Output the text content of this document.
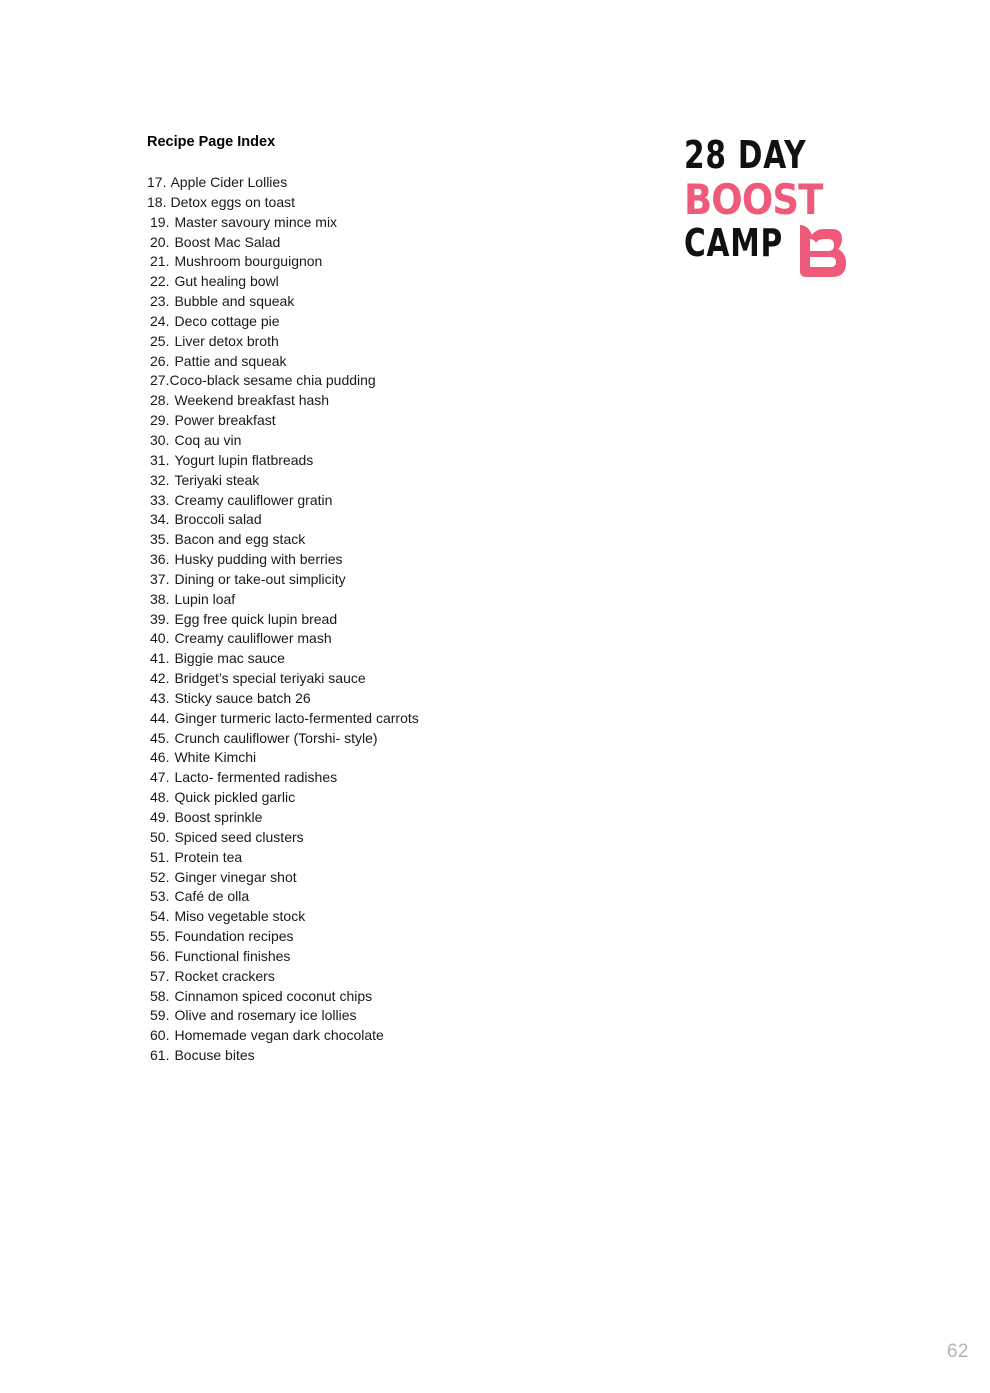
Recipe Page Index
17. Apple Cider Lollies
18. Detox eggs on toast
19. Master savoury mince mix
20. Boost Mac Salad
21. Mushroom bourguignon
22. Gut healing bowl
23. Bubble and squeak
24. Deco cottage pie
25. Liver detox broth
26. Pattie and squeak
27.Coco-black sesame chia pudding
28. Weekend breakfast hash
29. Power breakfast
30. Coq au vin
31. Yogurt lupin flatbreads
32. Teriyaki steak
33. Creamy cauliflower gratin
34. Broccoli salad
35. Bacon and egg stack
36. Husky pudding with berries
37. Dining or take-out simplicity
38. Lupin loaf
39. Egg free quick lupin bread
40. Creamy cauliflower mash
41. Biggie mac sauce
42. Bridget’s special teriyaki sauce
43. Sticky sauce batch 26
44. Ginger turmeric lacto-fermented carrots
45. Crunch cauliflower (Torshi- style)
46. White Kimchi
47. Lacto- fermented radishes
48. Quick pickled garlic
49. Boost sprinkle
50. Spiced seed clusters
51. Protein tea
52. Ginger vinegar shot
53. Café de olla
54. Miso vegetable stock
55. Foundation recipes
56. Functional finishes
57. Rocket crackers
58. Cinnamon spiced coconut chips
59. Olive and rosemary ice lollies
60. Homemade vegan dark chocolate
61. Bocuse bites
28 DAY
BOOST
CAMP
62
